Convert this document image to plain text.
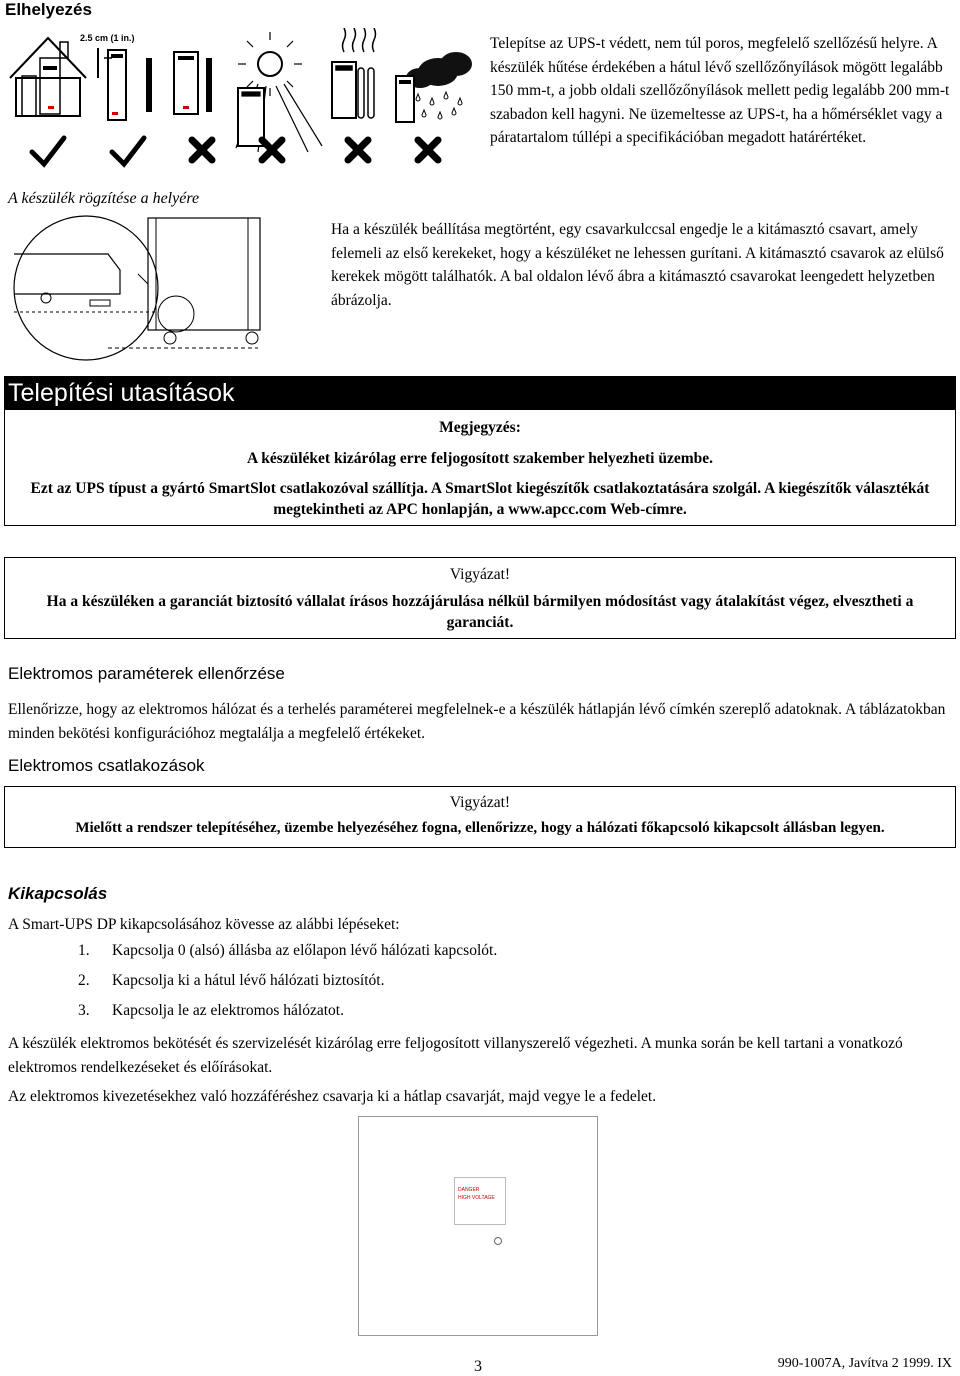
Elhelyezés
2.5 cm (1 in.)	Telepítse az UPS-t védett, nem túl poros, megfelelő szellőzésű helyre. A készülék hűtése érdekében a hátul lévő szellőzőnyílások mögött legalább 150 mm-t, a jobb oldali szellőzőnyílások mellett pedig legalább 200 mm-t szabadon kell hagyni. Ne üzemeltesse az UPS-t, ha a hőmérséklet vagy a páratartalom túllépi a specifikációban megadott határértéket.
A készülék rögzítése a helyére
Ha a készülék beállítása megtörtént, egy csavarkulccsal engedje le a kitámasztó csavart, amely felemeli az első kerekeket, hogy a készüléket ne lehessen gurítani. A kitámasztó csavarok az elülső kerekek mögött találhatók. A bal oldalon lévő ábra a kitámasztó csavarokat leengedett helyzetben ábrázolja.
Telepítési utasítások
Megjegyzés:
A készüléket kizárólag erre feljogosított szakember helyezheti üzembe.
Ezt az UPS típust a gyártó SmartSlot csatlakozóval szállítja. A SmartSlot kiegészítők csatlakoztatására szolgál. A kiegészítők választékát megtekintheti az APC honlapján, a www.apcc.com Web-címre.
Vigyázat!
Ha a készüléken a garanciát biztosító vállalat írásos hozzájárulása nélkül bármilyen módosítást vagy átalakítást végez, elvesztheti a garanciát.
Elektromos paraméterek ellenőrzése
Ellenőrizze, hogy az elektromos hálózat és a terhelés paraméterei megfelelnek-e a készülék hátlapján lévő címkén szereplő adatoknak. A táblázatokban minden bekötési konfigurációhoz megtalálja a megfelelő értékeket.
Elektromos csatlakozások
Vigyázat!
Mielőtt a rendszer telepítéséhez, üzembe helyezéséhez fogna, ellenőrizze, hogy a hálózati főkapcsoló kikapcsolt állásban legyen.
Kikapcsolás
A Smart-UPS DP kikapcsolásához kövesse az alábbi lépéseket:
1. Kapcsolja 0 (alsó) állásba az előlapon lévő hálózati kapcsolót.
2. Kapcsolja ki a hátul lévő hálózati biztosítót.
3. Kapcsolja le az elektromos hálózatot.
A készülék elektromos bekötését és szervizelését kizárólag erre feljogosított villanyszerelő végezheti. A munka során be kell tartani a vonatkozó elektromos rendelkezéseket és előírásokat.
Az elektromos kivezetésekhez való hozzáféréshez csavarja ki a hátlap csavarját, majd vegye le a fedelet.
DANGER
HIGH VOLTAGE
3	990-1007A, Javítva 2 1999. IX
